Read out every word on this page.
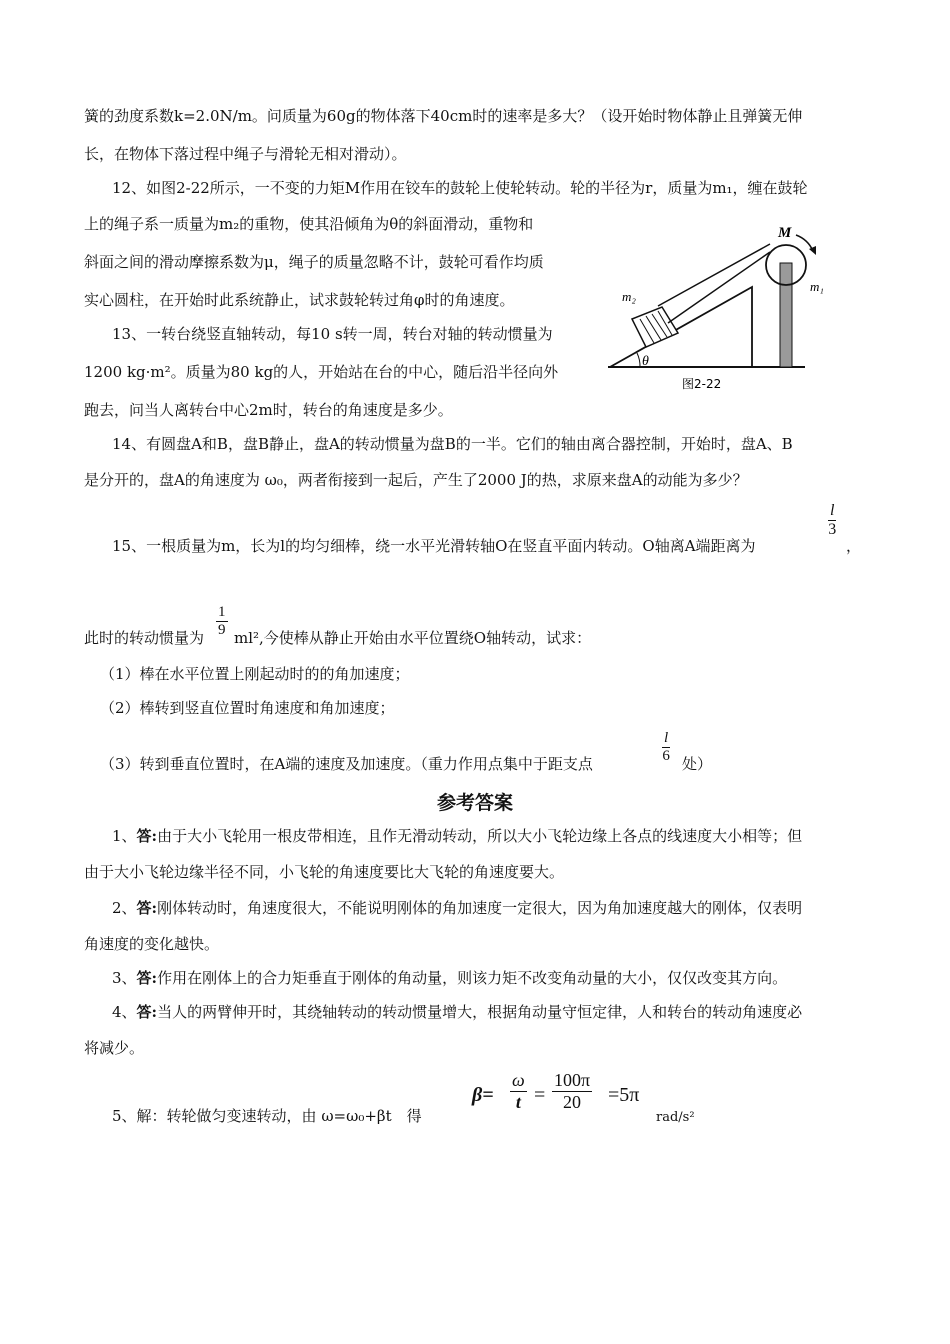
簧的劲度系数k=2.0N/m。问质量为60g的物体落下40cm时的速率是多大？（设开始时物体静止且弹簧无伸
长，在物体下落过程中绳子与滑轮无相对滑动）。
12、如图2-22所示，一不变的力矩M作用在铰车的鼓轮上使轮转动。轮的半径为r，质量为m₁，缠在鼓轮
上的绳子系一质量为m₂的重物，使其沿倾角为θ的斜面滑动，重物和
斜面之间的滑动摩擦系数为μ，绳子的质量忽略不计，鼓轮可看作均质
实心圆柱，在开始时此系统静止，试求鼓轮转过角φ时的角速度。
13、一转台绕竖直轴转动，每10 s转一周，转台对轴的转动惯量为
1200 kg·m²。质量为80 kg的人，开始站在台的中心，随后沿半径向外
跑去，问当人离转台中心2m时，转台的角速度是多少。
14、有圆盘A和B，盘B静止，盘A的转动惯量为盘B的一半。它们的轴由离合器控制，开始时，盘A、B
是分开的，盘A的角速度为 ω₀，两者衔接到一起后，产生了2000 J的热，求原来盘A的动能为多少？
15、一根质量为m，长为l的均匀细棒，绕一水平光滑转轴O在竖直平面内转动。O轴离A端距离为
l
3
，
此时的转动惯量为
1
9 ml²,今使棒从静止开始由水平位置绕O轴转动，试求：
（1）棒在水平位置上刚起动时的的角加速度；
（2）棒转到竖直位置时角速度和角加速度；
（3）转到垂直位置时，在A端的速度及加速度。（重力作用点集中于距支点
l
6 处）
M
m₁
m₂
θ
图2-22
参考答案
1、答:由于大小飞轮用一根皮带相连，且作无滑动转动，所以大小飞轮边缘上各点的线速度大小相等；但
由于大小飞轮边缘半径不同，小飞轮的角速度要比大飞轮的角速度要大。
2、答:刚体转动时，角速度很大，不能说明刚体的角加速度一定很大，因为角加速度越大的刚体，仅表明
角速度的变化越快。
3、答:作用在刚体上的合力矩垂直于刚体的角动量，则该力矩不改变角动量的大小，仅仅改变其方向。
4、答:当人的两臂伸开时，其绕轴转动的转动惯量增大，根据角动量守恒定律，人和转台的转动角速度必
将减少。
5、解：转轮做匀变速转动，由 ω=ω₀+βt　得
β=
ω
t =
100π
20	=5π
rad/s²
